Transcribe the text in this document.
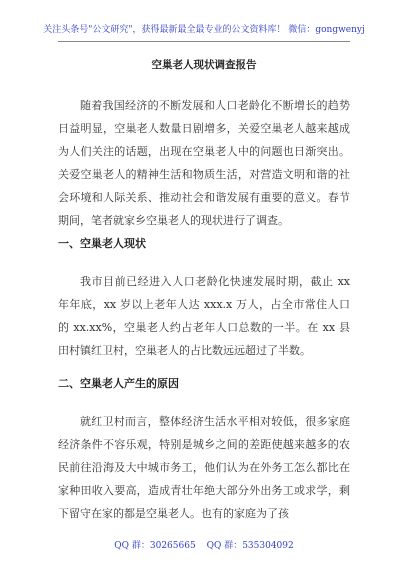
关注头条号"公文研究"，获得最新最全最专业的公文资料库！ 微信：gongwenyj
空巢老人现状调查报告

随着我国经济的不断发展和人口老龄化不断增长的趋势日益明显，空巢老人数量日剧增多，关爱空巢老人越来越成为人们关注的话题，出现在空巢老人中的问题也日渐突出。关爱空巢老人的精神生活和物质生活，对营造文明和谐的社会环境和人际关系、推动社会和谐发展有重要的意义。春节期间，笔者就家乡空巢老人的现状进行了调查。

一、空巢老人现状

我市目前已经进入人口老龄化快速发展时期，截止 xx 年年底，xx 岁以上老年人达 xxx.x 万人，占全市常住人口的 xx.xx%，空巢老人约占老年人口总数的一半。在 xx 县田村镇红卫村，空巢老人的占比数远远超过了半数。

二、空巢老人产生的原因

就红卫村而言，整体经济生活水平相对较低，很多家庭经济条件不容乐观，特别是城乡之间的差距使越来越多的农民前往沿海及大中城市务工，他们认为在外务工怎么都比在家种田收入要高，造成青壮年绝大部分外出务工或求学，剩下留守在家的都是空巢老人。也有的家庭为了孩

QQ 群：30265665 QQ 群：535304092
